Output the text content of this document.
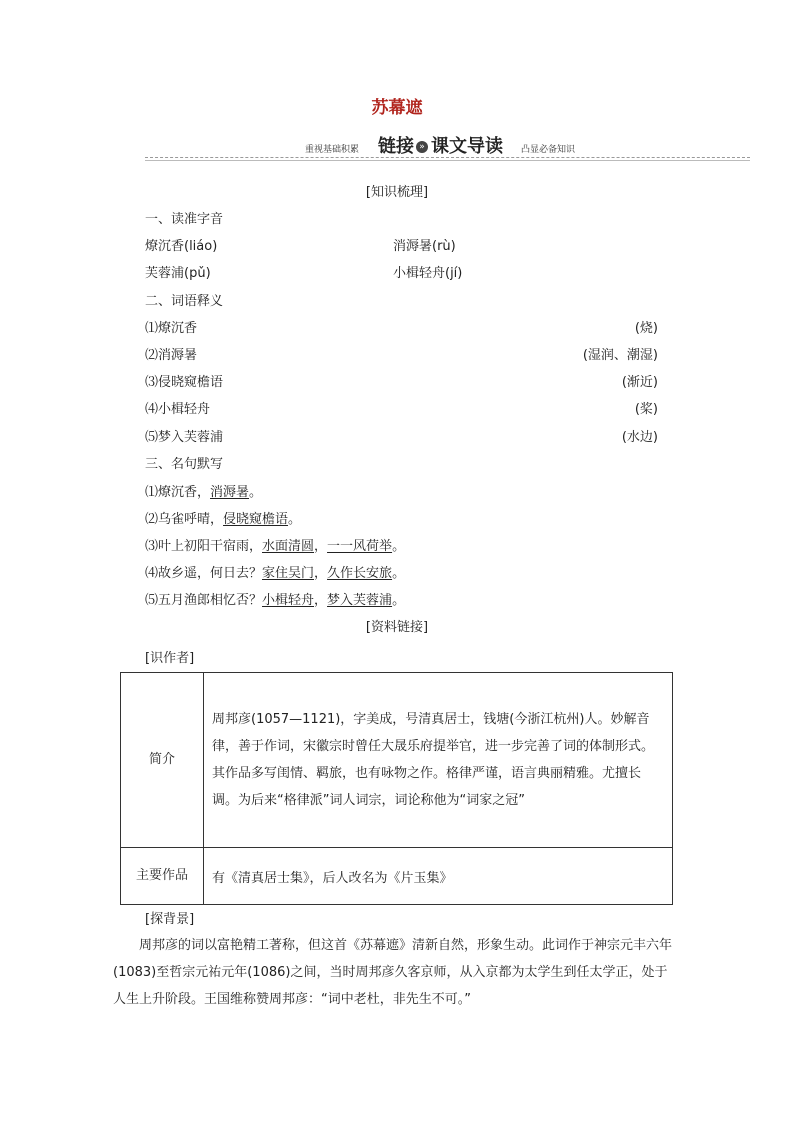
苏幕遮
重视基础积累 链接 » 课文导读 凸显必备知识
[知识梳理]
一、读准字音
燎沉香(liáo)	消溽暑(rù)
芙蓉浦(pǔ)	小楫轻舟(jí)
二、词语释义
⑴燎沉香	(烧)
⑵消溽暑	(湿润、潮湿)
⑶侵晓窥檐语	(渐近)
⑷小楫轻舟	(桨)
⑸梦入芙蓉浦	(水边)
三、名句默写
⑴燎沉香，消溽暑。
⑵乌雀呼晴，侵晓窥檐语。
⑶叶上初阳干宿雨，水面清圆，一一风荷举。
⑷故乡遥，何日去？家住吴门，久作长安旅。
⑸五月渔郎相忆否？小楫轻舟，梦入芙蓉浦。
[资料链接]
[识作者]
简介	周邦彦(1057—1121)，字美成，号清真居士，钱塘(今浙江杭州)人。妙解音律，善于作词，宋徽宗时曾任大晟乐府提举官，进一步完善了词的体制形式。其作品多写闺情、羁旅，也有咏物之作。格律严谨，语言典丽精雅。尤擅长调。为后来“格律派”词人词宗，词论称他为“词家之冠”
主要作品	有《清真居士集》，后人改名为《片玉集》
[探背景]
周邦彦的词以富艳精工著称，但这首《苏幕遮》清新自然，形象生动。此词作于神宗元丰六年(1083)至哲宗元祐元年(1086)之间，当时周邦彦久客京师，从入京都为太学生到任太学正，处于人生上升阶段。王国维称赞周邦彦：“词中老杜，非先生不可。”
